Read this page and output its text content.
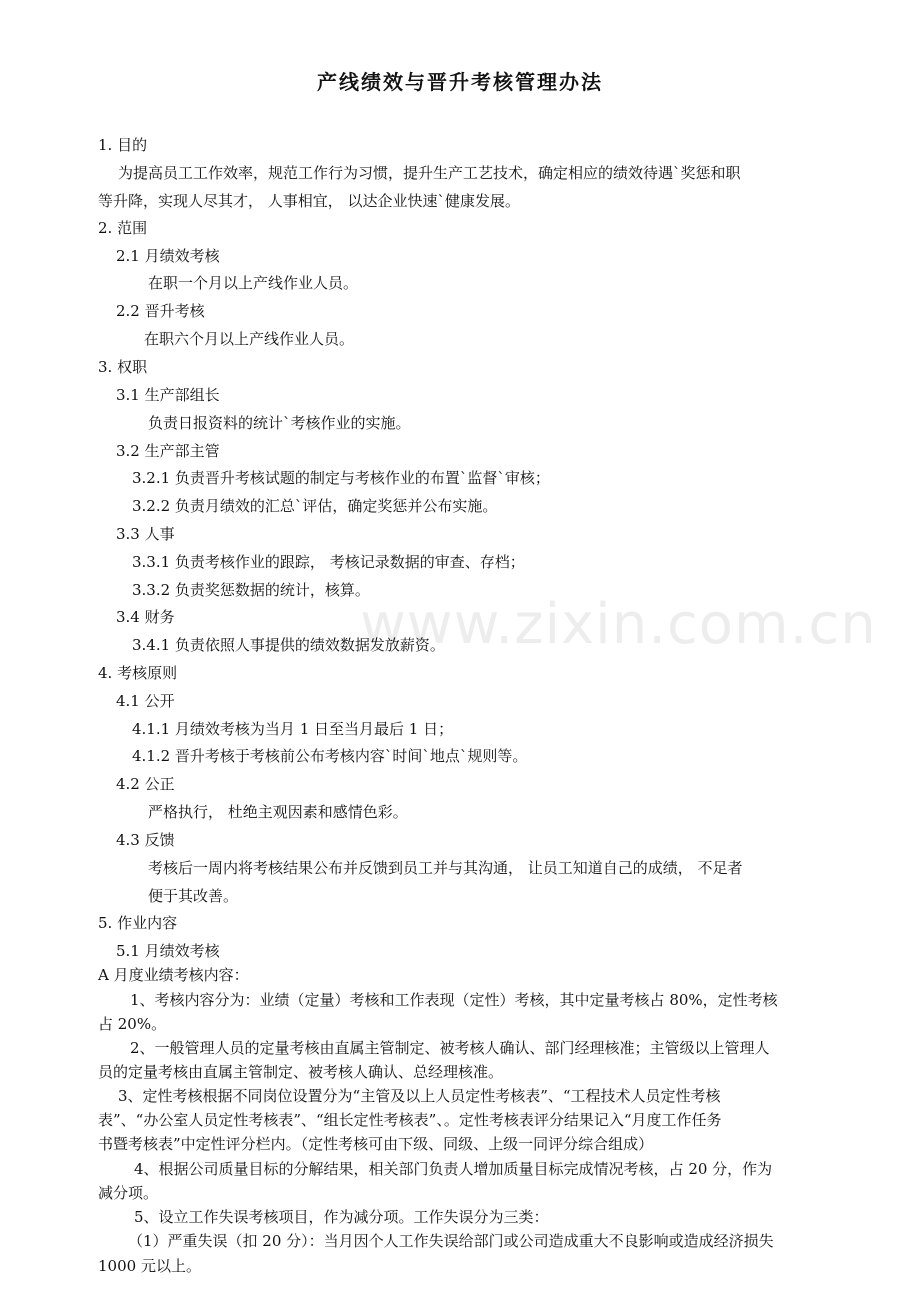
产线绩效与晋升考核管理办法
www.zixin.com.cn
1. 目的
为提高员工工作效率，规范工作行为习惯，提升生产工艺技术，确定相应的绩效待遇`奖惩和职
等升降，实现人尽其才， 人事相宜， 以达企业快速`健康发展。
2. 范围
2.1 月绩效考核
在职一个月以上产线作业人员。
2.2 晋升考核
在职六个月以上产线作业人员。
3. 权职
3.1 生产部组长
负责日报资料的统计`考核作业的实施。
3.2 生产部主管
3.2.1 负责晋升考核试题的制定与考核作业的布置`监督`审核；
3.2.2 负责月绩效的汇总`评估，确定奖惩并公布实施。
3.3 人事
3.3.1 负责考核作业的跟踪， 考核记录数据的审查、存档；
3.3.2 负责奖惩数据的统计，核算。
3.4 财务
3.4.1 负责依照人事提供的绩效数据发放薪资。
4. 考核原则
4.1 公开
4.1.1 月绩效考核为当月 1 日至当月最后 1 日；
4.1.2 晋升考核于考核前公布考核内容`时间`地点`规则等。
4.2 公正
严格执行， 杜绝主观因素和感情色彩。
4.3 反馈
考核后一周内将考核结果公布并反馈到员工并与其沟通， 让员工知道自己的成绩， 不足者
便于其改善。
5. 作业内容
5.1 月绩效考核
A 月度业绩考核内容：
1、考核内容分为：业绩（定量）考核和工作表现（定性）考核，其中定量考核占 80%，定性考核
占 20%。
2、一般管理人员的定量考核由直属主管制定、被考核人确认、部门经理核准；主管级以上管理人
员的定量考核由直属主管制定、被考核人确认、总经理核准。
3、定性考核根据不同岗位设置分为“主管及以上人员定性考核表”、“工程技术人员定性考核
表”、“办公室人员定性考核表”、“组长定性考核表”、。定性考核表评分结果记入“月度工作任务
书暨考核表”中定性评分栏内。（定性考核可由下级、同级、上级一同评分综合组成）
4、根据公司质量目标的分解结果，相关部门负责人增加质量目标完成情况考核，占 20 分，作为
减分项。
5、设立工作失误考核项目，作为减分项。工作失误分为三类：
（1）严重失误（扣 20 分）：当月因个人工作失误给部门或公司造成重大不良影响或造成经济损失
1000 元以上。
